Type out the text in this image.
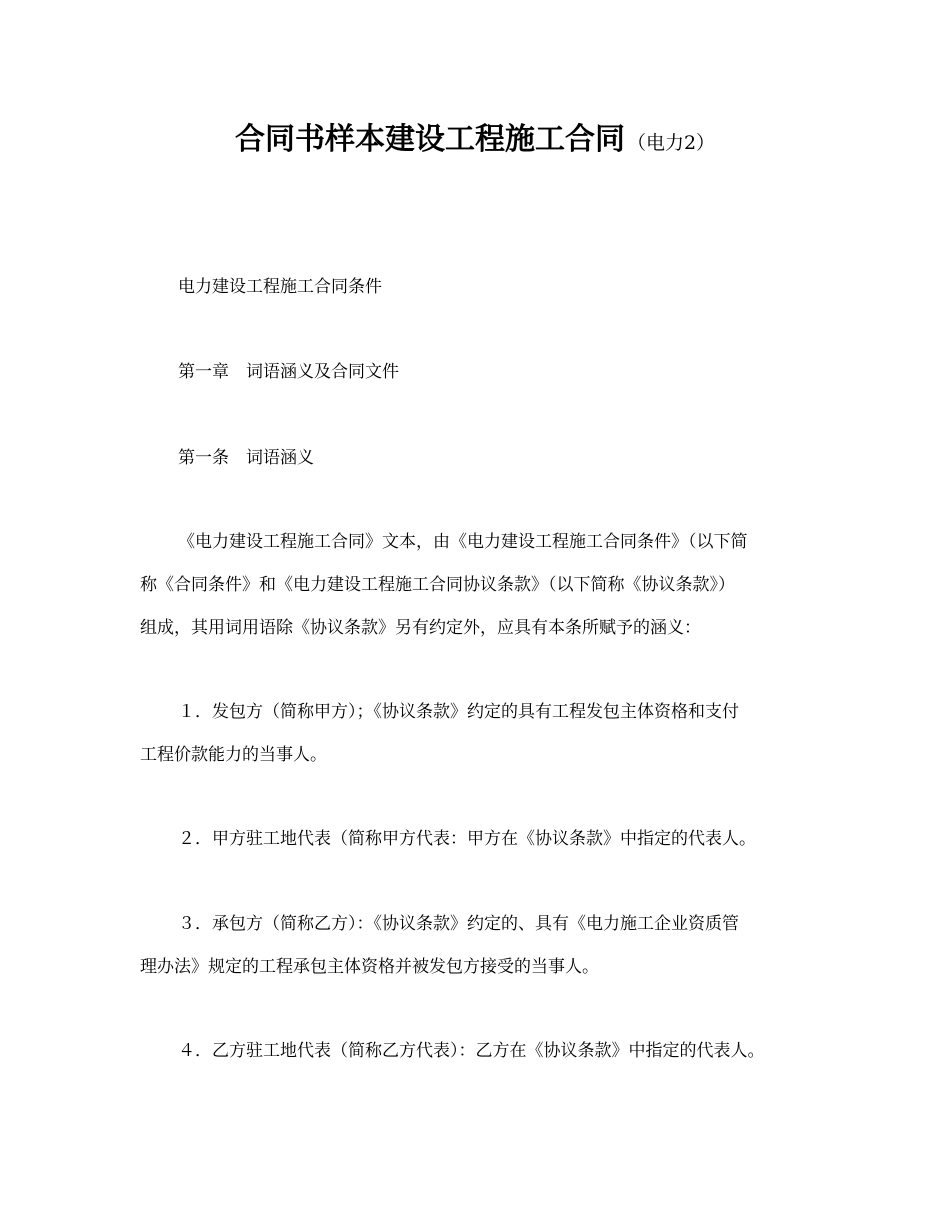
合同书样本建设工程施工合同 （电力2）
电力建设工程施工合同条件
第一章　词语涵义及合同文件
第一条　词语涵义
《电力建设工程施工合同》文本，由《电力建设工程施工合同条件》（以下简
称《合同条件》和《电力建设工程施工合同协议条款》（以下简称《协议条款》）
组成，其用词用语除《协议条款》另有约定外，应具有本条所赋予的涵义：
１．发包方（简称甲方）；《协议条款》约定的具有工程发包主体资格和支付
工程价款能力的当事人。
２．甲方驻工地代表（简称甲方代表：甲方在《协议条款》中指定的代表人。
３．承包方（简称乙方）：《协议条款》约定的、具有《电力施工企业资质管
理办法》规定的工程承包主体资格并被发包方接受的当事人。
４．乙方驻工地代表（简称乙方代表）：乙方在《协议条款》中指定的代表人。
